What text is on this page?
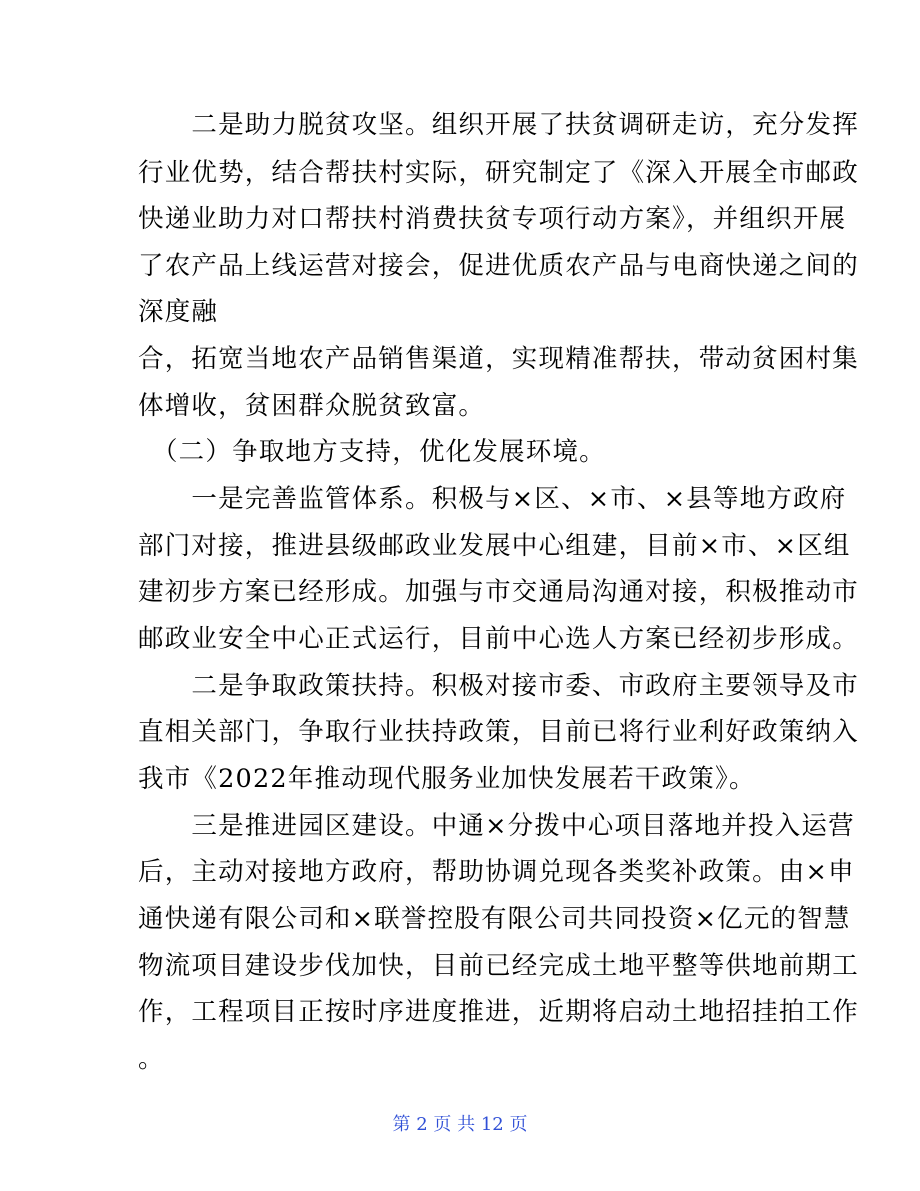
　　二是助力脱贫攻坚。组织开展了扶贫调研走访，充分发挥
行业优势，结合帮扶村实际，研究制定了《深入开展全市邮政
快递业助力对口帮扶村消费扶贫专项行动方案》，并组织开展
了农产品上线运营对接会，促进优质农产品与电商快递之间的
深度融
合，拓宽当地农产品销售渠道，实现精准帮扶，带动贫困村集
体增收，贫困群众脱贫致富。
　（二）争取地方支持，优化发展环境。
　　一是完善监管体系。积极与×区、×市、×县等地方政府
部门对接，推进县级邮政业发展中心组建，目前×市、×区组
建初步方案已经形成。加强与市交通局沟通对接，积极推动市
邮政业安全中心正式运行，目前中心选人方案已经初步形成。
　　二是争取政策扶持。积极对接市委、市政府主要领导及市
直相关部门，争取行业扶持政策，目前已将行业利好政策纳入
我市《2022年推动现代服务业加快发展若干政策》。
　　三是推进园区建设。中通×分拨中心项目落地并投入运营
后，主动对接地方政府，帮助协调兑现各类奖补政策。由×申
通快递有限公司和×联誉控股有限公司共同投资×亿元的智慧
物流项目建设步伐加快，目前已经完成土地平整等供地前期工
作，工程项目正按时序进度推进，近期将启动土地招挂拍工作
。
第 2 页 共 12 页
